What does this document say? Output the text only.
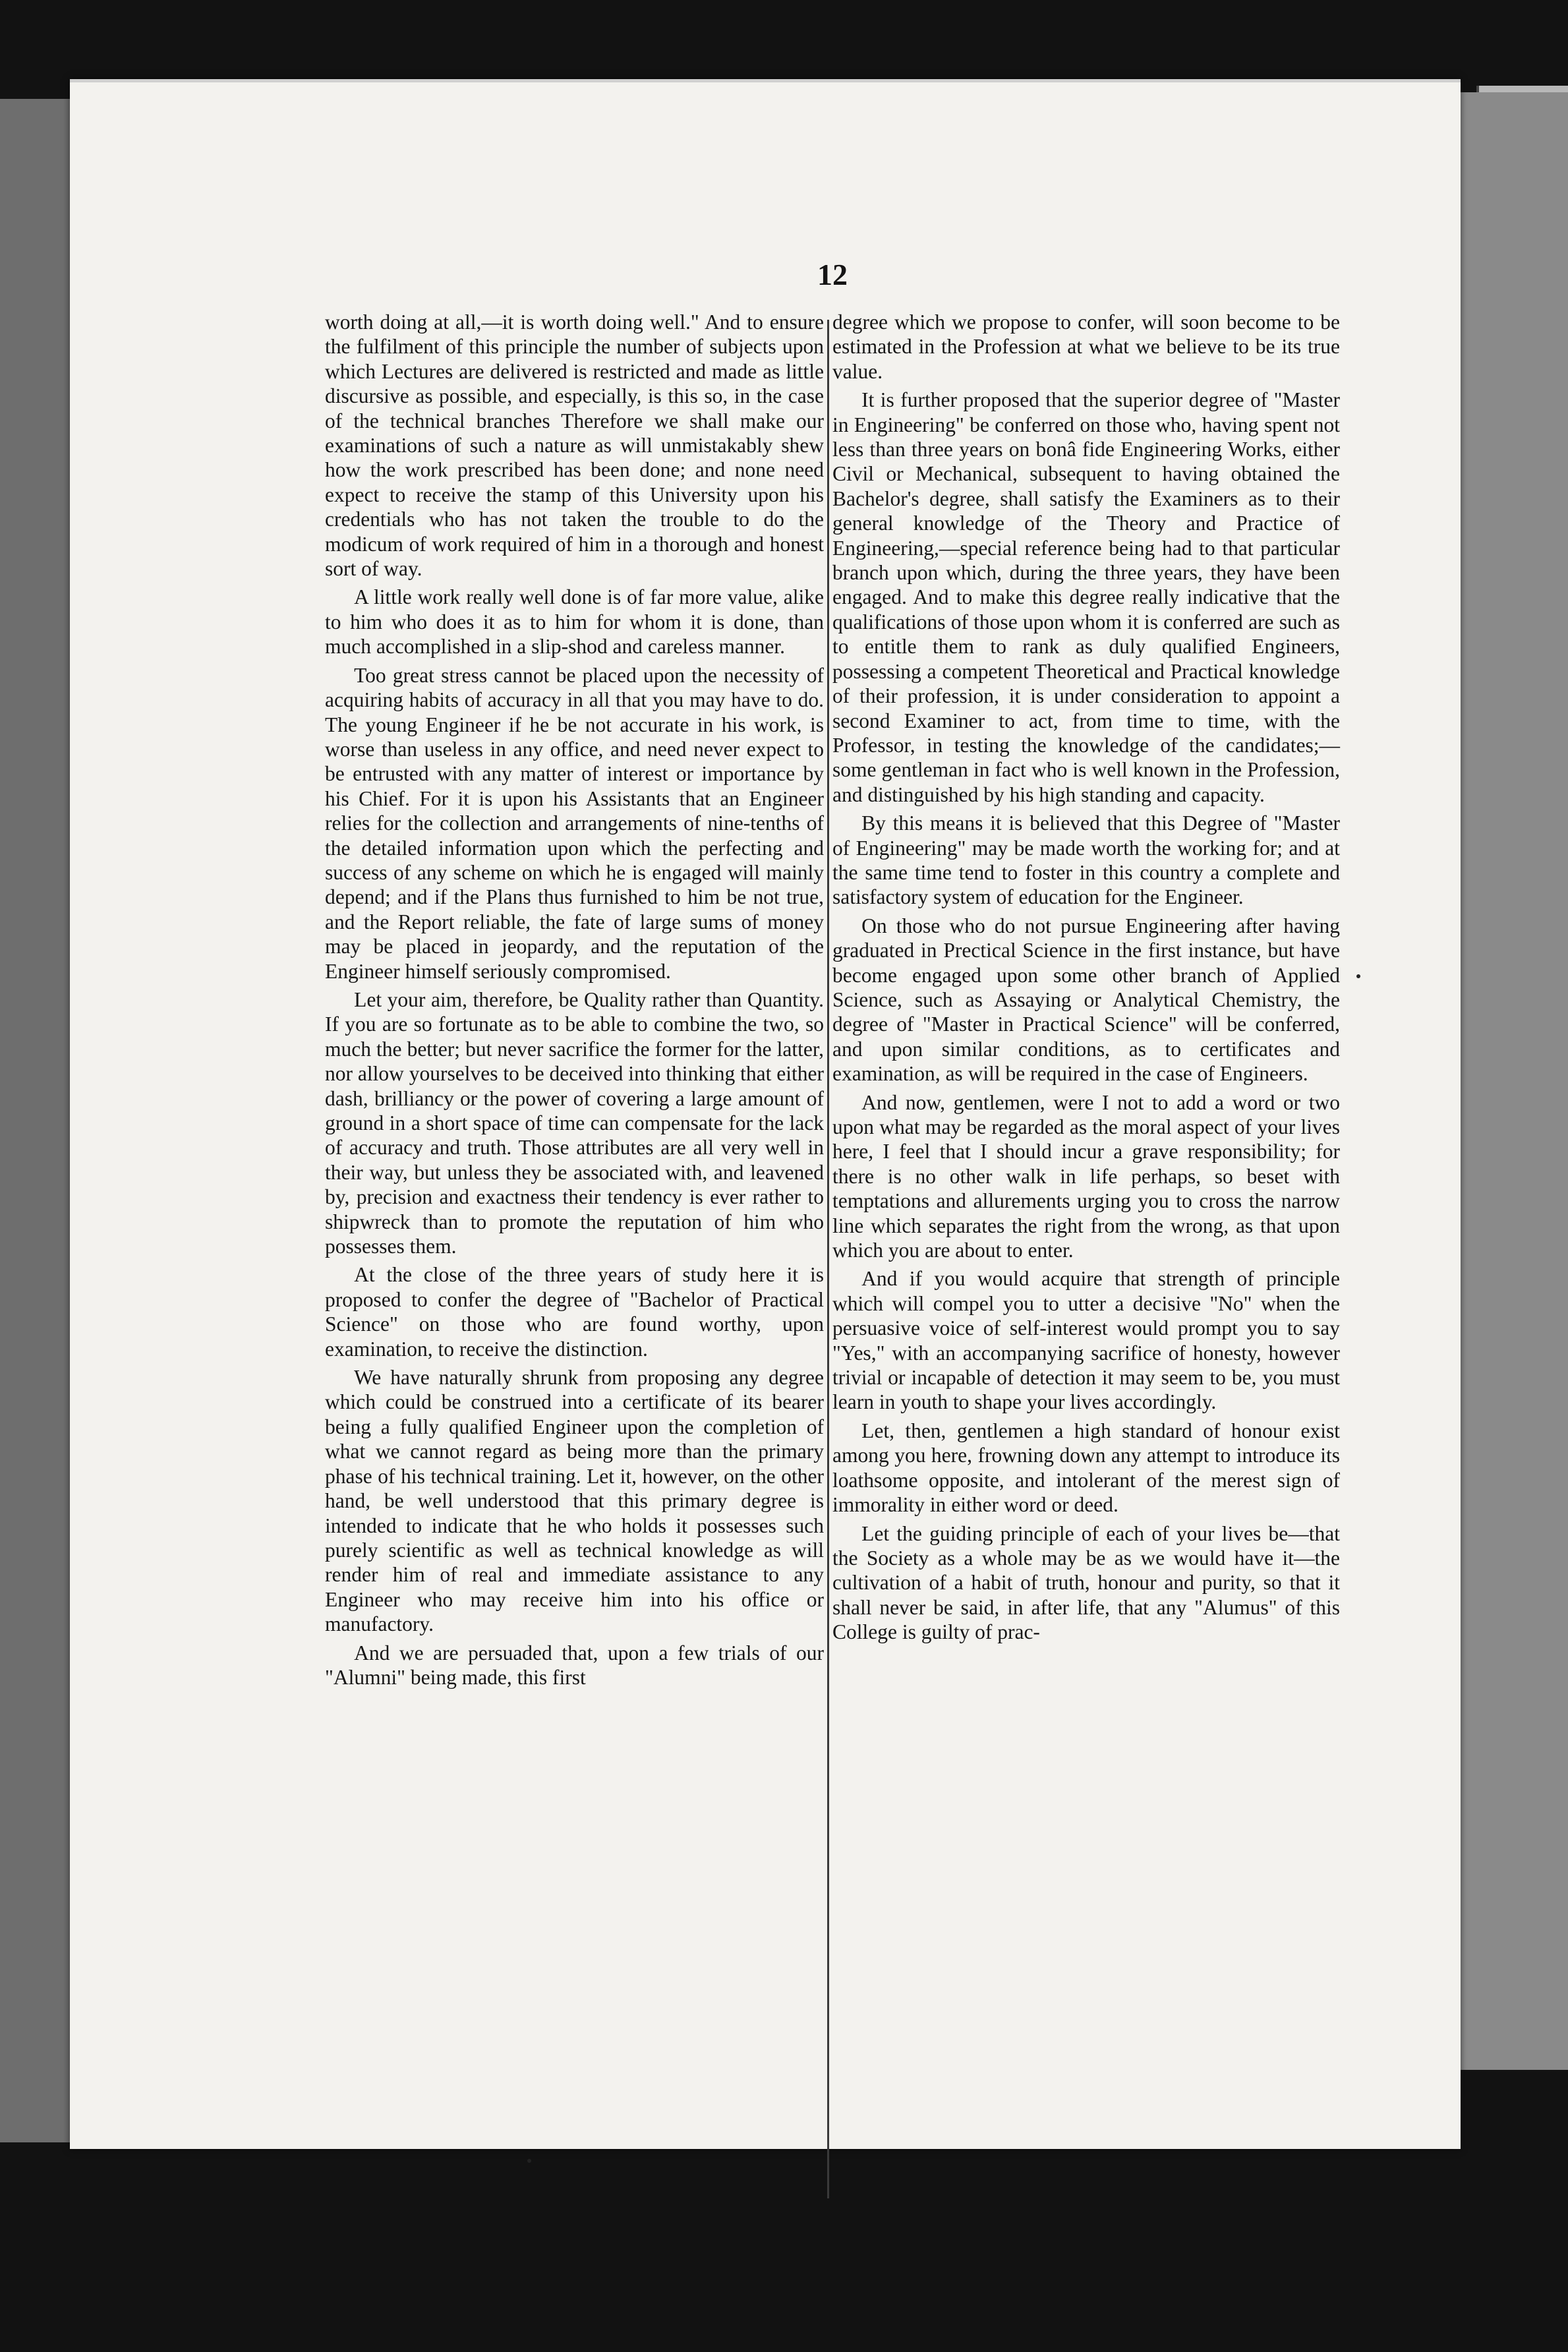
12

worth doing at all,—it is worth doing well." And to ensure the fulfilment of this principle the number of subjects upon which Lectures are delivered is restricted and made as little discursive as possible, and especially, is this so, in the case of the technical branches Therefore we shall make our examinations of such a nature as will unmistakably shew how the work prescribed has been done; and none need expect to receive the stamp of this University upon his credentials who has not taken the trouble to do the modicum of work required of him in a thorough and honest sort of way.

A little work really well done is of far more value, alike to him who does it as to him for whom it is done, than much accomplished in a slip-shod and careless manner.

Too great stress cannot be placed upon the necessity of acquiring habits of accuracy in all that you may have to do. The young Engineer if he be not accurate in his work, is worse than useless in any office, and need never expect to be entrusted with any matter of interest or importance by his Chief. For it is upon his Assistants that an Engineer relies for the collection and arrangements of nine-tenths of the detailed information upon which the perfecting and success of any scheme on which he is engaged will mainly depend; and if the Plans thus furnished to him be not true, and the Report reliable, the fate of large sums of money may be placed in jeopardy, and the reputation of the Engineer himself seriously compromised.

Let your aim, therefore, be Quality rather than Quantity. If you are so fortunate as to be able to combine the two, so much the better; but never sacrifice the former for the latter, nor allow yourselves to be deceived into thinking that either dash, brilliancy or the power of covering a large amount of ground in a short space of time can compensate for the lack of accuracy and truth. Those attributes are all very well in their way, but unless they be associated with, and leavened by, precision and exactness their tendency is ever rather to shipwreck than to promote the reputation of him who possesses them.

At the close of the three years of study here it is proposed to confer the degree of "Bachelor of Practical Science" on those who are found worthy, upon examination, to receive the distinction.

We have naturally shrunk from proposing any degree which could be construed into a certificate of its bearer being a fully qualified Engineer upon the completion of what we cannot regard as being more than the primary phase of his technical training. Let it, however, on the other hand, be well understood that this primary degree is intended to indicate that he who holds it possesses such purely scientific as well as technical knowledge as will render him of real and immediate assistance to any Engineer who may receive him into his office or manufactory.

And we are persuaded that, upon a few trials of our "Alumni" being made, this first

degree which we propose to confer, will soon become to be estimated in the Profession at what we believe to be its true value.

It is further proposed that the superior degree of "Master in Engineering" be conferred on those who, having spent not less than three years on bonâ fide Engineering Works, either Civil or Mechanical, subsequent to having obtained the Bachelor's degree, shall satisfy the Examiners as to their general knowledge of the Theory and Practice of Engineering,—special reference being had to that particular branch upon which, during the three years, they have been engaged. And to make this degree really indicative that the qualifications of those upon whom it is conferred are such as to entitle them to rank as duly qualified Engineers, possessing a competent Theoretical and Practical knowledge of their profession, it is under consideration to appoint a second Examiner to act, from time to time, with the Professor, in testing the knowledge of the candidates;—some gentleman in fact who is well known in the Profession, and distinguished by his high standing and capacity.

By this means it is believed that this Degree of "Master of Engineering" may be made worth the working for; and at the same time tend to foster in this country a complete and satisfactory system of education for the Engineer.

On those who do not pursue Engineering after having graduated in Prectical Science in the first instance, but have become engaged upon some other branch of Applied Science, such as Assaying or Analytical Chemistry, the degree of "Master in Practical Science" will be conferred, and upon similar conditions, as to certificates and examination, as will be required in the case of Engineers.

And now, gentlemen, were I not to add a word or two upon what may be regarded as the moral aspect of your lives here, I feel that I should incur a grave responsibility; for there is no other walk in life perhaps, so beset with temptations and allurements urging you to cross the narrow line which separates the right from the wrong, as that upon which you are about to enter.

And if you would acquire that strength of principle which will compel you to utter a decisive "No" when the persuasive voice of self-interest would prompt you to say "Yes," with an accompanying sacrifice of honesty, however trivial or incapable of detection it may seem to be, you must learn in youth to shape your lives accordingly.

Let, then, gentlemen a high standard of honour exist among you here, frowning down any attempt to introduce its loathsome opposite, and intolerant of the merest sign of immorality in either word or deed.

Let the guiding principle of each of your lives be—that the Society as a whole may be as we would have it—the cultivation of a habit of truth, honour and purity, so that it shall never be said, in after life, that any "Alumus" of this College is guilty of prac-
